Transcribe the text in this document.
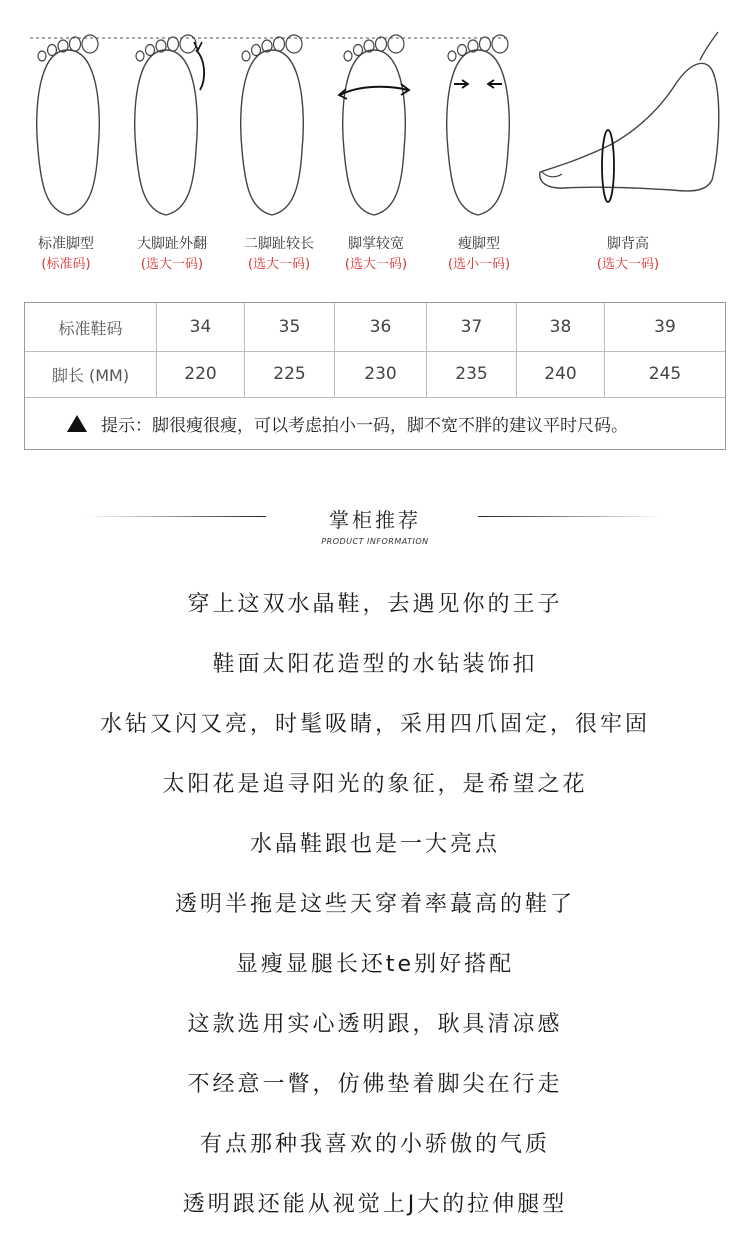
标准脚型
(标准码)
大脚趾外翻
(选大一码)
二脚趾较长
(选大一码)
脚掌较宽
(选大一码)
瘦脚型
(选小一码)
脚背高
(选大一码)
标准鞋码	34	35	36	37	38	39
脚长 (MM)	220	225	230	235	240	245
提示：脚很瘦很瘦，可以考虑拍小一码，脚不宽不胖的建议平时尺码。
掌柜推荐
PRODUCT INFORMATION
穿上这双水晶鞋，去遇见你的王子
鞋面太阳花造型的水钻装饰扣
水钻又闪又亮，时髦吸睛，采用四爪固定，很牢固
太阳花是追寻阳光的象征，是希望之花
水晶鞋跟也是一大亮点
透明半拖是这些天穿着率蕞高的鞋了
显瘦显腿长还te别好搭配
这款选用实心透明跟，耿具清凉感
不经意一瞥，仿佛垫着脚尖在行走
有点那种我喜欢的小骄傲的气质
透明跟还能从视觉上J大的拉伸腿型
